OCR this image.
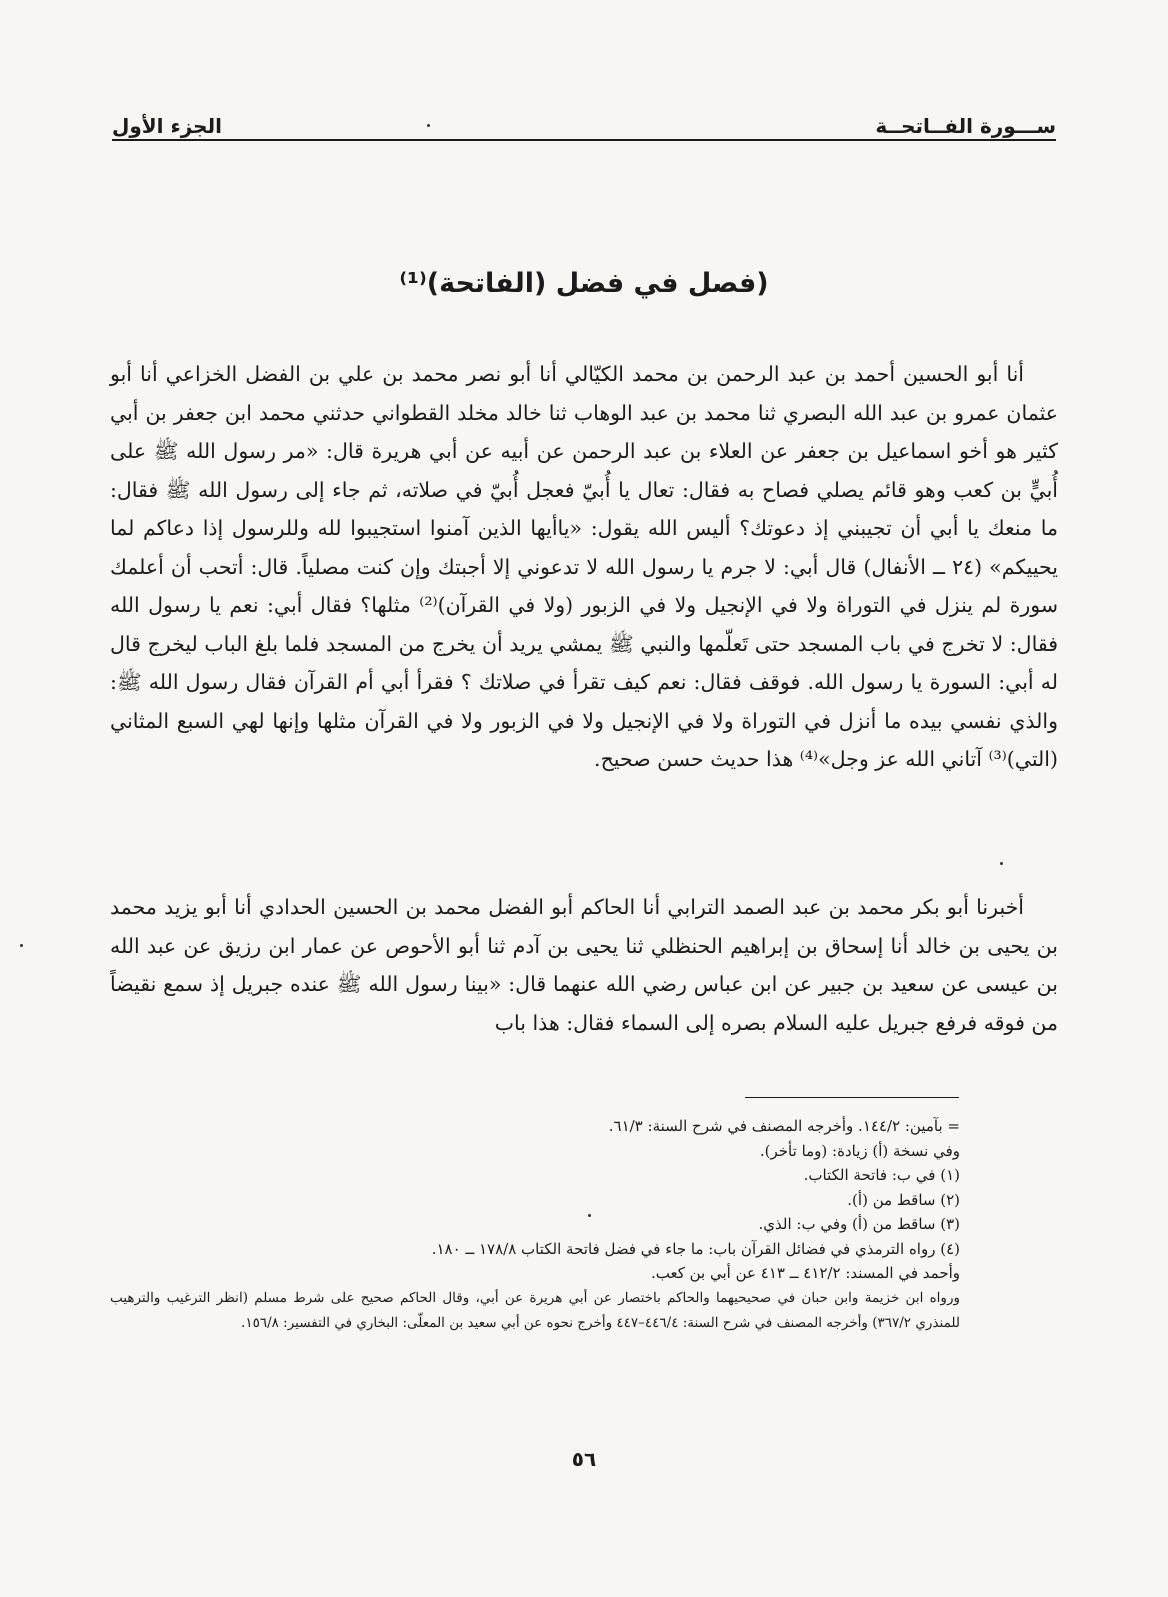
ســـورة الفــاتحــة
الجزء الأول
(فصل في فضل (الفاتحة)⁽¹⁾

أنا أبو الحسين أحمد بن عبد الرحمن بن محمد الكيّالي أنا أبو نصر محمد بن علي بن الفضل الخزاعي أنا أبو عثمان عمرو بن عبد الله البصري ثنا محمد بن عبد الوهاب ثنا خالد مخلد القطواني حدثني محمد ابن جعفر بن أبي كثير هو أخو اسماعيل بن جعفر عن العلاء بن عبد الرحمن عن أبيه عن أبي هريرة قال: «مر رسول الله ﷺ على أُبيٍّ بن كعب وهو قائم يصلي فصاح به فقال: تعال يا أُبيّ فعجل أُبيّ في صلاته، ثم جاء إلى رسول الله ﷺ فقال: ما منعك يا أبي أن تجيبني إذ دعوتك؟ أليس الله يقول: «ياأيها الذين آمنوا استجيبوا لله وللرسول إذا دعاكم لما يحييكم» (٢٤ ــ الأنفال) قال أبي: لا جرم يا رسول الله لا تدعوني إلا أجبتك وإن كنت مصلياً. قال: أتحب أن أعلمك سورة لم ينزل في التوراة ولا في الإنجيل ولا في الزبور (ولا في القرآن)⁽²⁾ مثلها؟ فقال أبي: نعم يا رسول الله فقال: لا تخرج في باب المسجد حتى تَعلّمها والنبي ﷺ يمشي يريد أن يخرج من المسجد فلما بلغ الباب ليخرج قال له أبي: السورة يا رسول الله. فوقف فقال: نعم كيف تقرأ في صلاتك ؟ فقرأ أبي أم القرآن فقال رسول الله ﷺ: والذي نفسي بيده ما أنزل في التوراة ولا في الإنجيل ولا في الزبور ولا في القرآن مثلها وإنها لهي السبع المثاني (التي)⁽³⁾ آتاني الله عز وجل»⁽⁴⁾ هذا حديث حسن صحيح.

أخبرنا أبو بكر محمد بن عبد الصمد الترابي أنا الحاكم أبو الفضل محمد بن الحسين الحدادي أنا أبو يزيد محمد بن يحيى بن خالد أنا إسحاق بن إبراهيم الحنظلي ثنا يحيى بن آدم ثنا أبو الأحوص عن عمار ابن رزيق عن عبد الله بن عيسى عن سعيد بن جبير عن ابن عباس رضي الله عنهما قال: «بينا رسول الله ﷺ عنده جبريل إذ سمع نقيضاً من فوقه فرفع جبريل عليه السلام بصره إلى السماء فقال: هذا باب

= بآمين: ١٤٤/٢. وأخرجه المصنف في شرح السنة: ٦١/٣.

وفي نسخة (أ) زيادة: (وما تأخر).

(١) في ب: فاتحة الكتاب.

(٢) ساقط من (أ).

(٣) ساقط من (أ) وفي ب: الذي.

(٤) رواه الترمذي في فضائل القرآن باب: ما جاء في فضل فاتحة الكتاب ١٧٨/٨ ــ ١٨٠.

وأحمد في المسند: ٤١٢/٢ ــ ٤١٣ عن أبي بن كعب.

ورواه ابن خزيمة وابن حبان في صحيحيهما والحاكم باختصار عن أبي هريرة عن أبي، وقال الحاكم صحيح على شرط مسلم (انظر الترغيب والترهيب للمنذري ٣٦٧/٢) وأخرجه المصنف في شرح السنة: ٤٤٦/٤–٤٤٧ وأخرج نحوه عن أبي سعيد بن المعلّى: البخاري في التفسير: ١٥٦/٨.

٥٦
